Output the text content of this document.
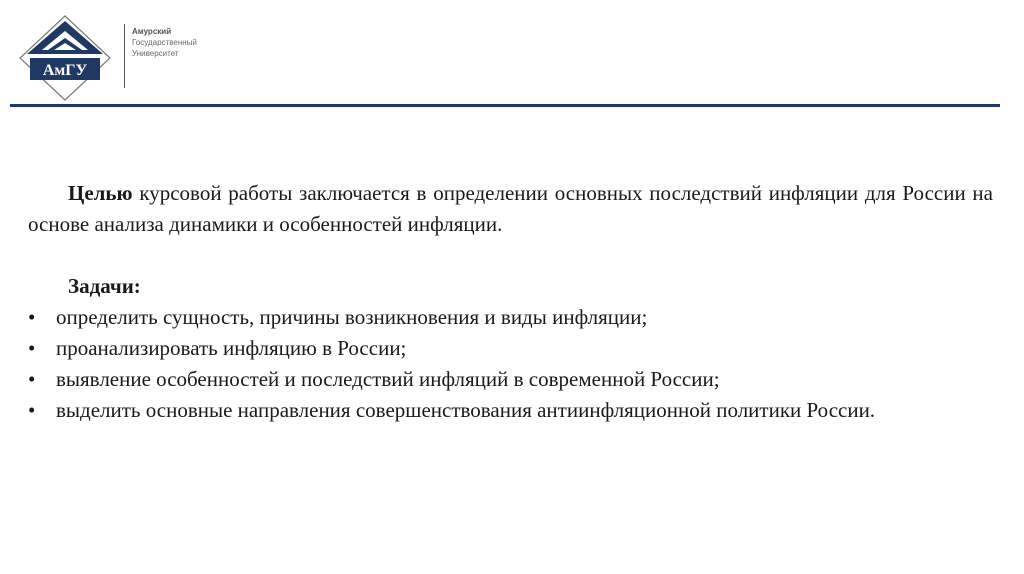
АмГУ
Амурский
Государственный
Университет

Целью курсовой работы заключается в определении основных последствий инфляции для России на основе анализа динамики и особенностей инфляции.

Задачи:

• определить сущность, причины возникновения и виды инфляции;
• проанализировать инфляцию в России;
• выявление особенностей и последствий инфляций в современной России;
• выделить основные направления совершенствования антиинфляционной политики России.
